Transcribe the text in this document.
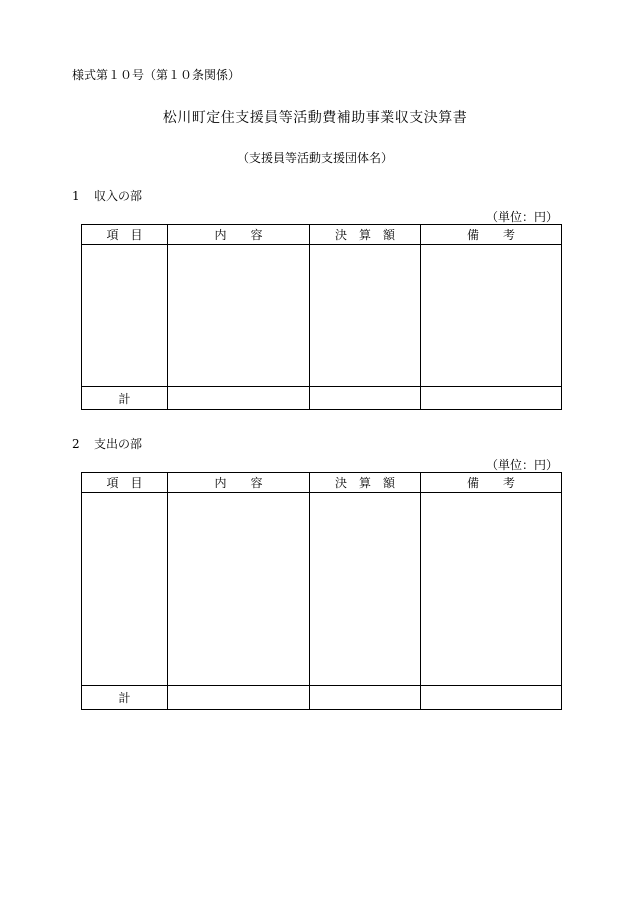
様式第１０号（第１０条関係）
松川町定住支援員等活動費補助事業収支決算書
（支援員等活動支援団体名）
1 収入の部
（単位：円）
項　目	内　　容	決　算　額	備　　考

計			
2 支出の部
（単位：円）
項　目	内　　容	決　算　額	備　　考

計			
